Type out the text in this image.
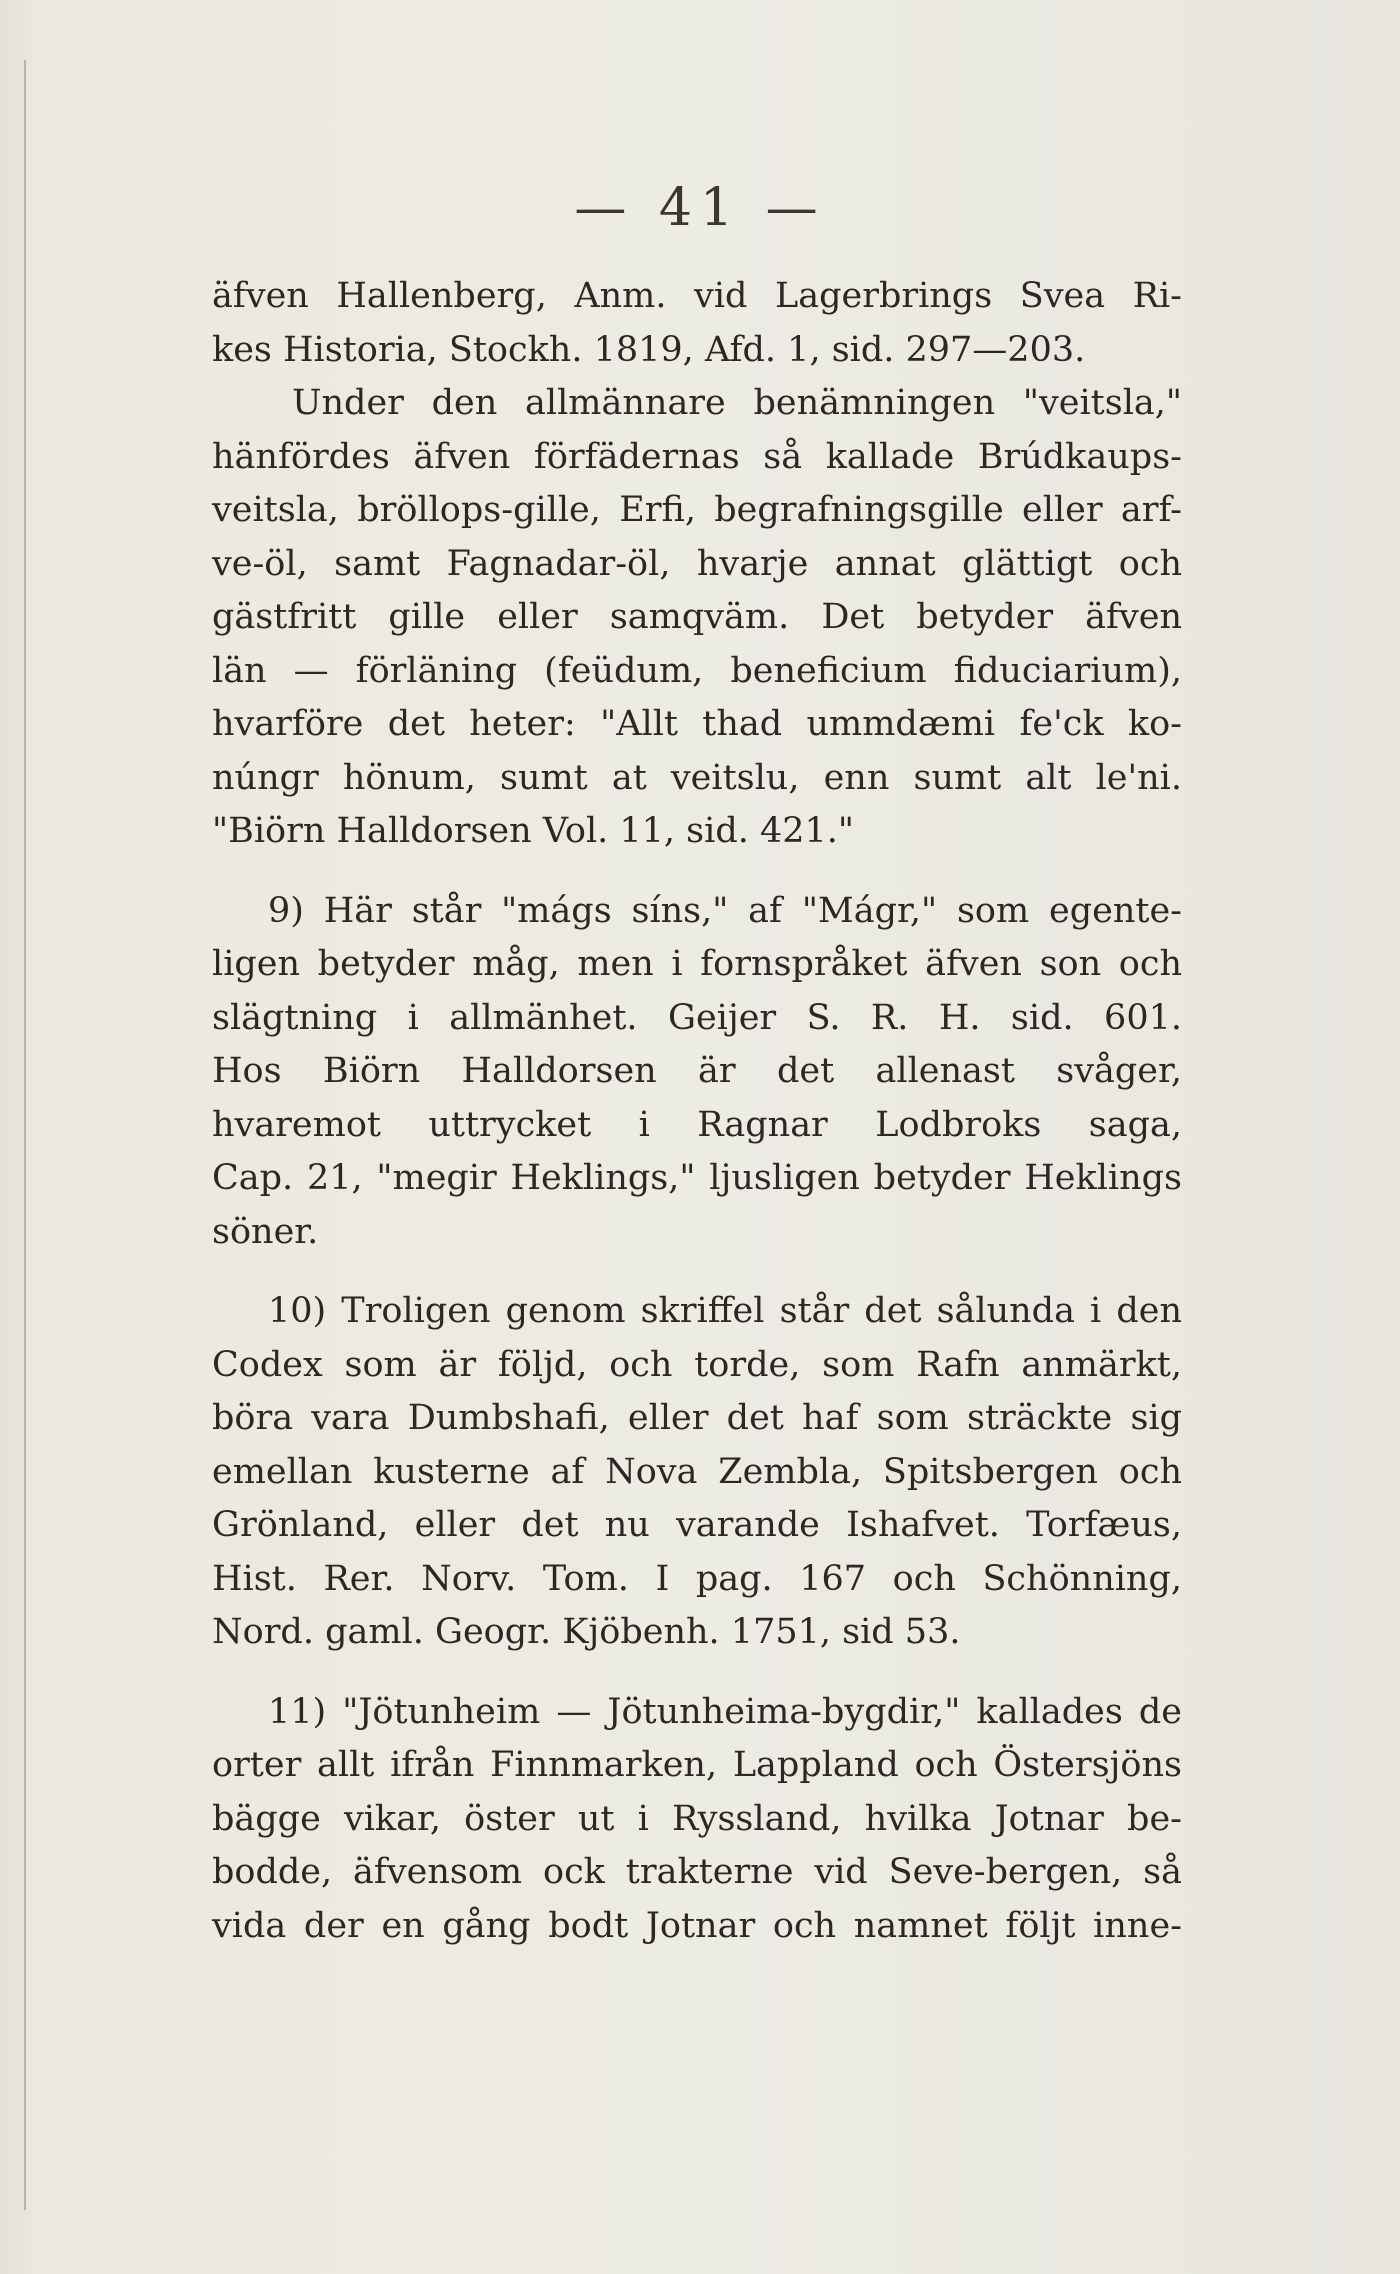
— 41 —
äfven Hallenberg, Anm. vid Lagerbrings Svea Ri-
kes Historia, Stockh. 1819, Afd. 1, sid. 297—203.
Under den allmännare benämningen "veitsla,"
hänfördes äfven förfädernas så kallade Brúdkaups-
veitsla, bröllops-gille, Erfi, begrafningsgille eller arf-
ve-öl, samt Fagnadar-öl, hvarje annat glättigt och
gästfritt gille eller samqväm. Det betyder äfven
län — förläning (feüdum, beneficium fiduciarium),
hvarföre det heter: "Allt thad ummdæmi fe'ck ko-
núngr hönum, sumt at veitslu, enn sumt alt le'ni.
"Biörn Halldorsen Vol. 11, sid. 421."
9) Här står "mágs síns," af "Mágr," som egente-
ligen betyder måg, men i fornspråket äfven son och
slägtning i allmänhet. Geijer S. R. H. sid. 601.
Hos Biörn Halldorsen är det allenast svåger,
hvaremot uttrycket i Ragnar Lodbroks saga,
Cap. 21, "megir Heklings," ljusligen betyder Heklings
söner.
10) Troligen genom skriffel står det sålunda i den
Codex som är följd, och torde, som Rafn anmärkt,
böra vara Dumbshafi, eller det haf som sträckte sig
emellan kusterne af Nova Zembla, Spitsbergen och
Grönland, eller det nu varande Ishafvet. Torfæus,
Hist. Rer. Norv. Tom. I pag. 167 och Schönning,
Nord. gaml. Geogr. Kjöbenh. 1751, sid 53.
11) "Jötunheim — Jötunheima-bygdir," kallades de
orter allt ifrån Finnmarken, Lappland och Östersjöns
bägge vikar, öster ut i Ryssland, hvilka Jotnar be-
bodde, äfvensom ock trakterne vid Seve-bergen, så
vida der en gång bodt Jotnar och namnet följt inne-
